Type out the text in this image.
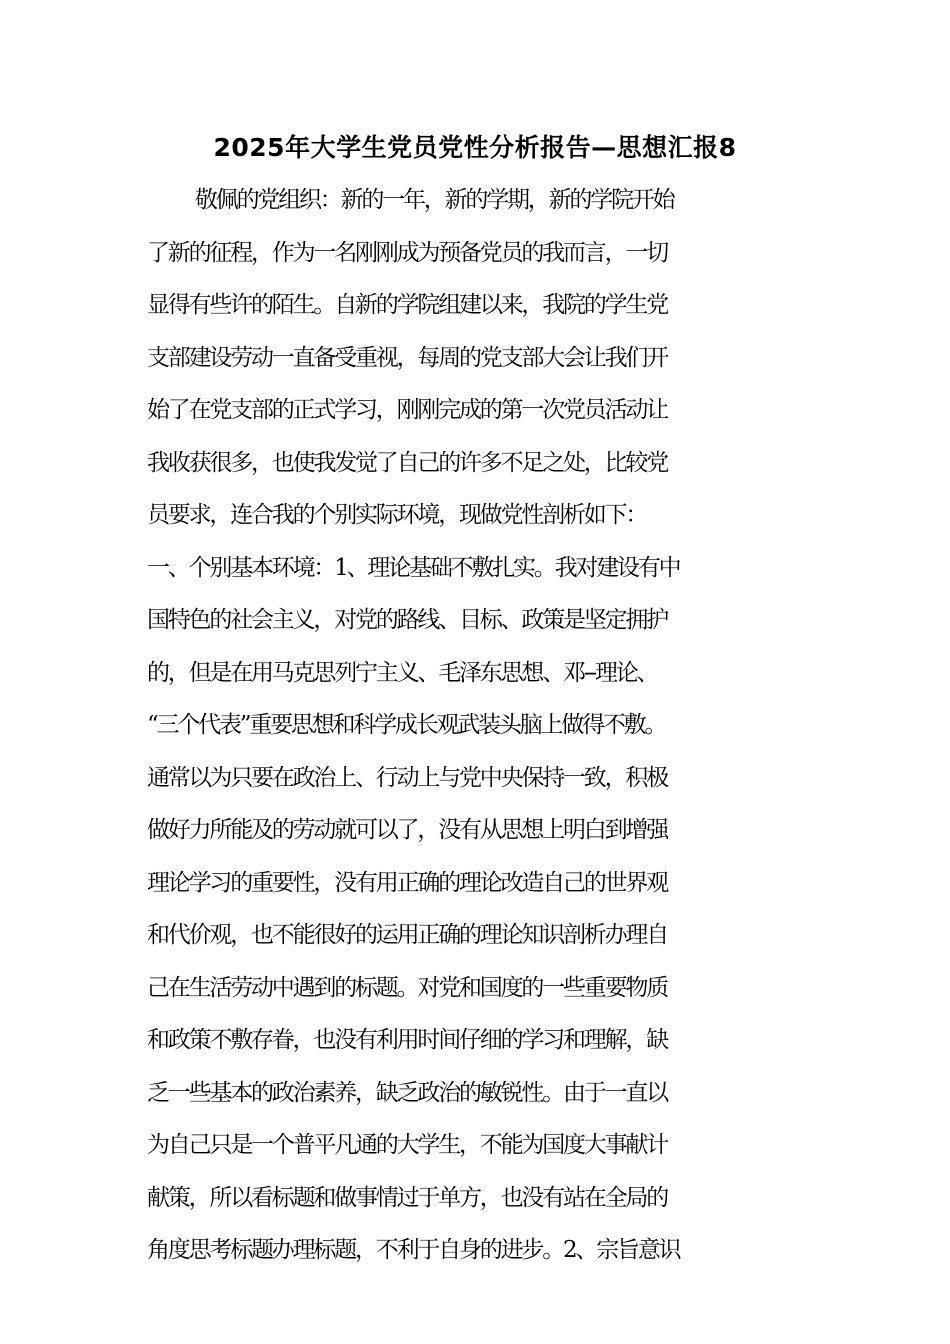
2025年大学生党员党性分析报告—思想汇报8
敬佩的党组织：新的一年，新的学期，新的学院开始
了新的征程，作为一名刚刚成为预备党员的我而言，一切
显得有些许的陌生。自新的学院组建以来，我院的学生党
支部建设劳动一直备受重视，每周的党支部大会让我们开
始了在党支部的正式学习，刚刚完成的第一次党员活动让
我收获很多，也使我发觉了自己的许多不足之处，比较党
员要求，连合我的个别实际环境，现做党性剖析如下：
一、个别基本环境：1、理论基础不敷扎实。我对建设有中
国特色的社会主义，对党的路线、目标、政策是坚定拥护
的，但是在用马克思列宁主义、毛泽东思想、邓--理论、
“三个代表”重要思想和科学成长观武装头脑上做得不敷。
通常以为只要在政治上、行动上与党中央保持一致，积极
做好力所能及的劳动就可以了，没有从思想上明白到增强
理论学习的重要性，没有用正确的理论改造自己的世界观
和代价观，也不能很好的运用正确的理论知识剖析办理自
己在生活劳动中遇到的标题。对党和国度的一些重要物质
和政策不敷存眷，也没有利用时间仔细的学习和理解，缺
乏一些基本的政治素养，缺乏政治的敏锐性。由于一直以
为自己只是一个普平凡通的大学生，不能为国度大事献计
献策，所以看标题和做事情过于单方，也没有站在全局的
角度思考标题办理标题，不利于自身的进步。2、宗旨意识
